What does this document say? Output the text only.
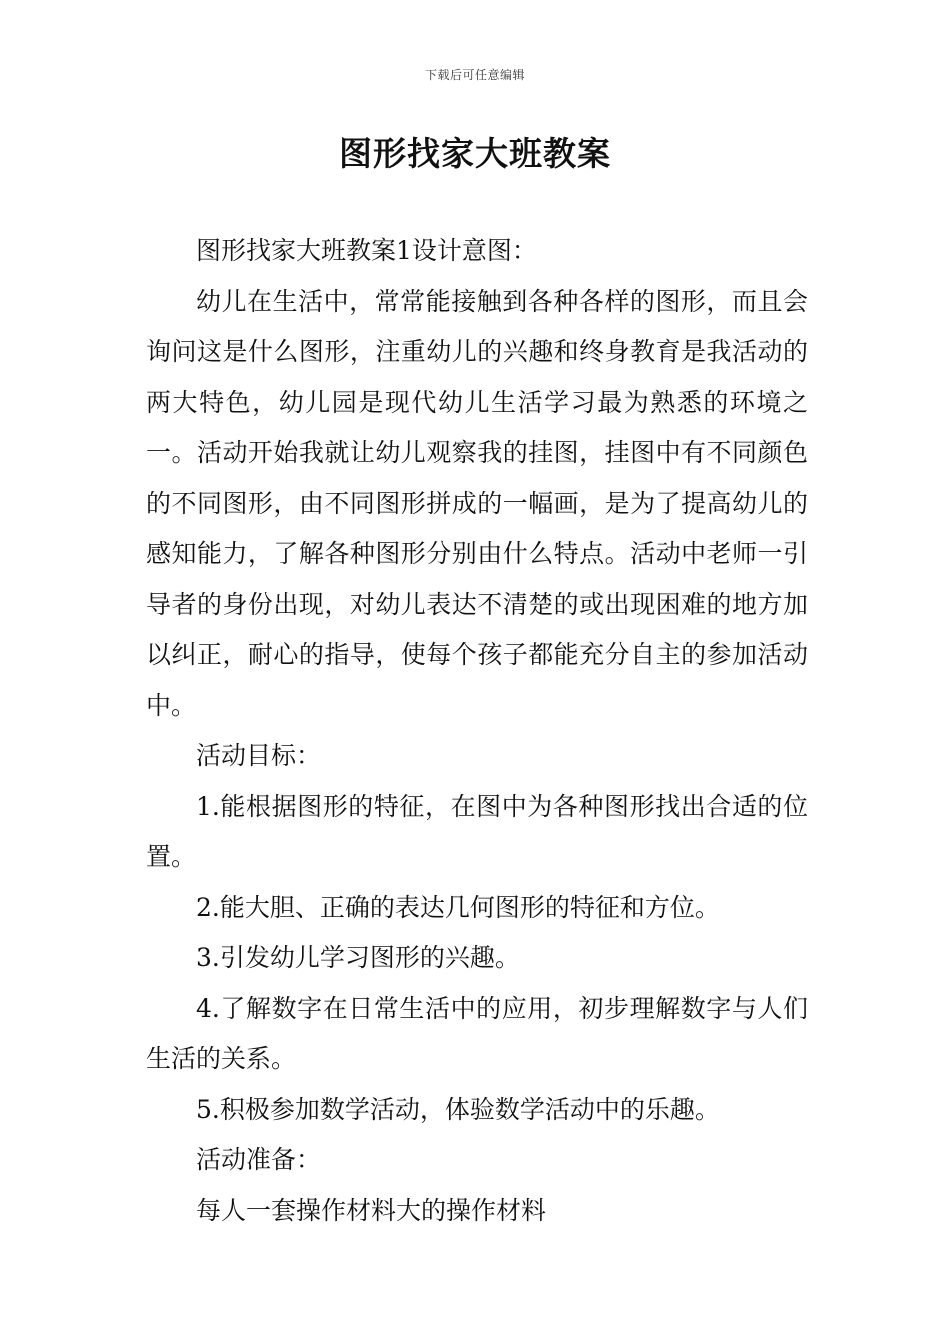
下载后可任意编辑
图形找家大班教案

图形找家大班教案1设计意图：

幼儿在生活中，常常能接触到各种各样的图形，而且会询问这是什么图形，注重幼儿的兴趣和终身教育是我活动的两大特色，幼儿园是现代幼儿生活学习最为熟悉的环境之一。活动开始我就让幼儿观察我的挂图，挂图中有不同颜色的不同图形，由不同图形拼成的一幅画，是为了提高幼儿的感知能力，了解各种图形分别由什么特点。活动中老师一引导者的身份出现，对幼儿表达不清楚的或出现困难的地方加以纠正，耐心的指导，使每个孩子都能充分自主的参加活动中。

活动目标：

1.能根据图形的特征，在图中为各种图形找出合适的位置。

2.能大胆、正确的表达几何图形的特征和方位。

3.引发幼儿学习图形的兴趣。

4.了解数字在日常生活中的应用，初步理解数字与人们生活的关系。

5.积极参加数学活动，体验数学活动中的乐趣。

活动准备：

每人一套操作材料大的操作材料
